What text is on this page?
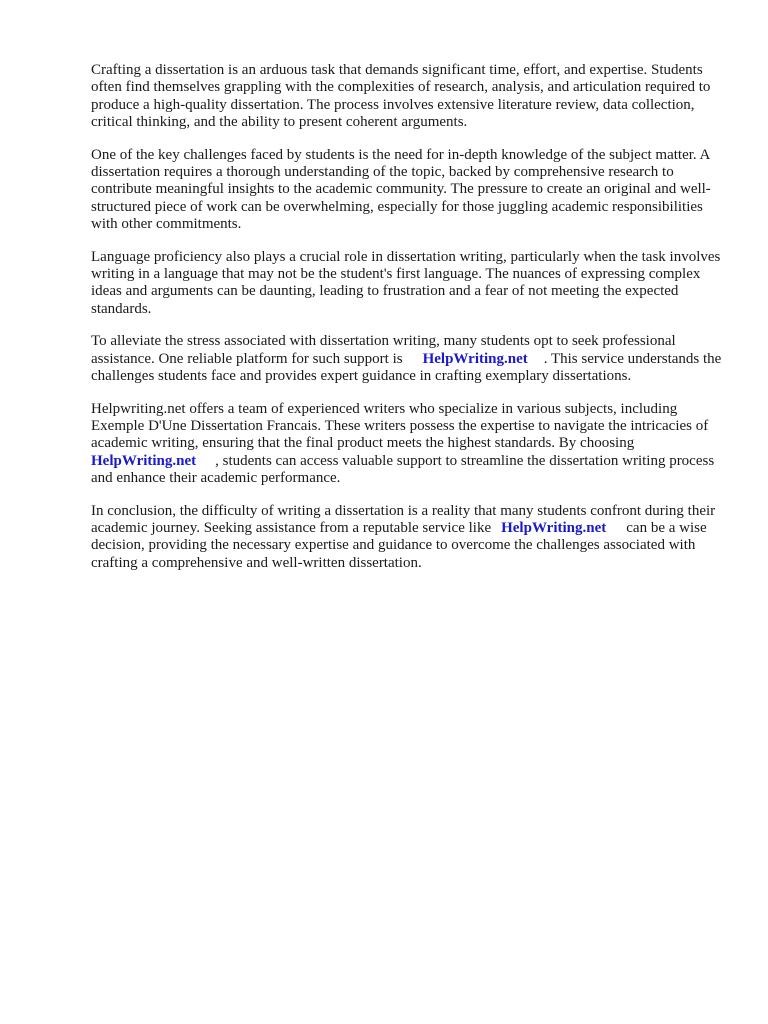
Crafting a dissertation is an arduous task that demands significant time, effort, and expertise. Students often find themselves grappling with the complexities of research, analysis, and articulation required to produce a high-quality dissertation. The process involves extensive literature review, data collection, critical thinking, and the ability to present coherent arguments.

One of the key challenges faced by students is the need for in-depth knowledge of the subject matter. A dissertation requires a thorough understanding of the topic, backed by comprehensive research to contribute meaningful insights to the academic community. The pressure to create an original and well-structured piece of work can be overwhelming, especially for those juggling academic responsibilities with other commitments.

Language proficiency also plays a crucial role in dissertation writing, particularly when the task involves writing in a language that may not be the student's first language. The nuances of expressing complex ideas and arguments can be daunting, leading to frustration and a fear of not meeting the expected standards.

To alleviate the stress associated with dissertation writing, many students opt to seek professional assistance. One reliable platform for such support is HelpWriting.net . This service understands the challenges students face and provides expert guidance in crafting exemplary dissertations.

Helpwriting.net offers a team of experienced writers who specialize in various subjects, including Exemple D'Une Dissertation Francais. These writers possess the expertise to navigate the intricacies of academic writing, ensuring that the final product meets the highest standards. By choosing HelpWriting.net , students can access valuable support to streamline the dissertation writing process and enhance their academic performance.

In conclusion, the difficulty of writing a dissertation is a reality that many students confront during their academic journey. Seeking assistance from a reputable service like HelpWriting.net can be a wise decision, providing the necessary expertise and guidance to overcome the challenges associated with crafting a comprehensive and well-written dissertation.
